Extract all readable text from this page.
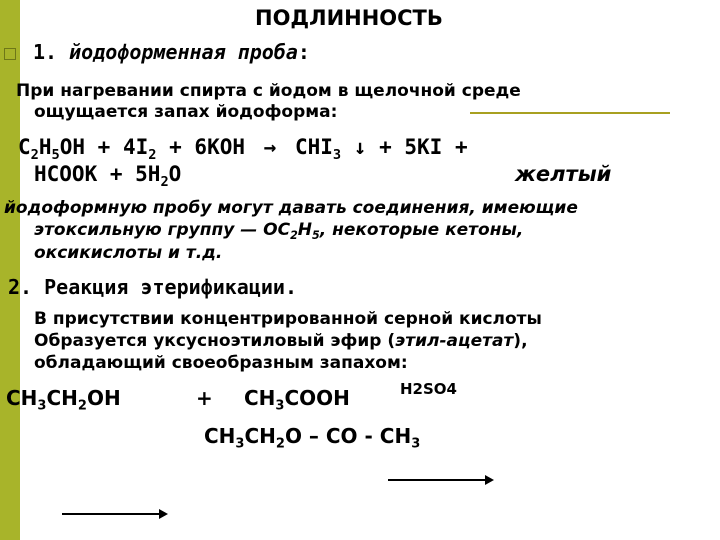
ПОДЛИННОСТЬ
1. йодоформенная проба:
При нагревании спирта с йодом в щелочной среде
ощущается запах йодоформа:
$C_2H_5OH + 4I_2 + 6KOH \to CHI_3$ ↓ + 5KI +
HCOOK + $5H_2O$	желтый
йодоформную пробу могут давать соединения, имеющие
этоксильную группу — $OC_2H_5$, некоторые кетоны,
оксикислоты и т.д.
2. Реакция этерификации.
В присутствии концентрированной серной кислоты
Образуется уксусноэтиловый эфир (этил-ацетат),
обладающий своеобразным запахом:
$CH_3CH_2OH$	+ $CH_3COOH$	H2SO4
$CH_3CH_2O$ – CO - $CH_3$
